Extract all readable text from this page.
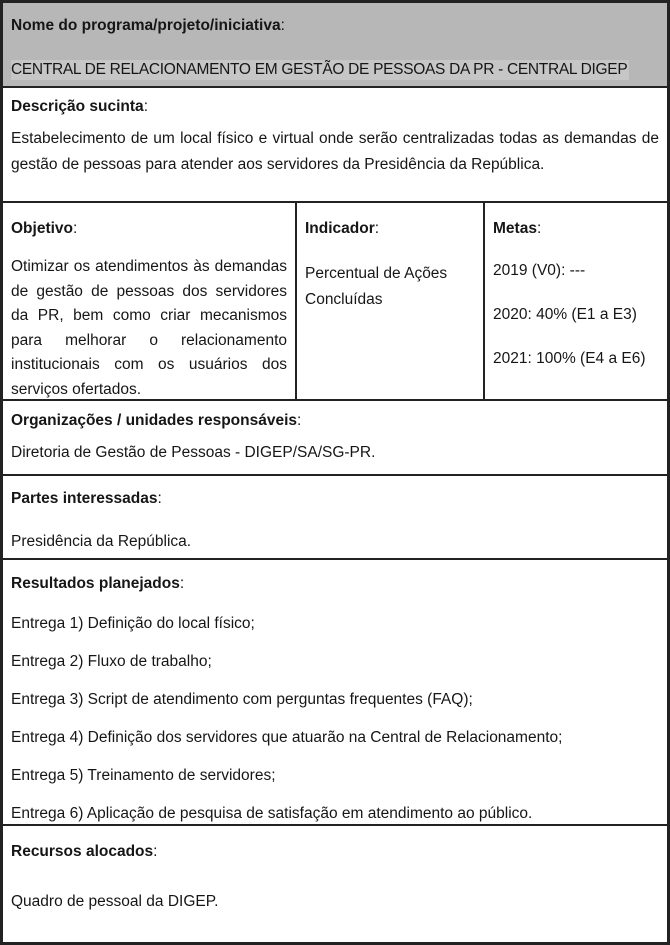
Nome do programa/projeto/iniciativa:

CENTRAL DE RELACIONAMENTO EM GESTÃO DE PESSOAS DA PR - CENTRAL DIGEP

Descrição sucinta:

Estabelecimento de um local físico e virtual onde serão centralizadas todas as demandas de gestão de pessoas para atender aos servidores da Presidência da República.

Objetivo:

Otimizar os atendimentos às demandas de gestão de pessoas dos servidores da PR, bem como criar mecanismos para melhorar o relacionamento institucionais com os usuários dos serviços ofertados.

Indicador:

Percentual de Ações Concluídas

Metas:

2019 (V0): ---

2020: 40% (E1 a E3)

2021: 100% (E4 a E6)

Organizações / unidades responsáveis:

Diretoria de Gestão de Pessoas - DIGEP/SA/SG-PR.

Partes interessadas:

Presidência da República.

Resultados planejados:

Entrega 1) Definição do local físico;

Entrega 2) Fluxo de trabalho;

Entrega 3) Script de atendimento com perguntas frequentes (FAQ);

Entrega 4) Definição dos servidores que atuarão na Central de Relacionamento;

Entrega 5) Treinamento de servidores;

Entrega 6) Aplicação de pesquisa de satisfação em atendimento ao público.

Recursos alocados:

Quadro de pessoal da DIGEP.
